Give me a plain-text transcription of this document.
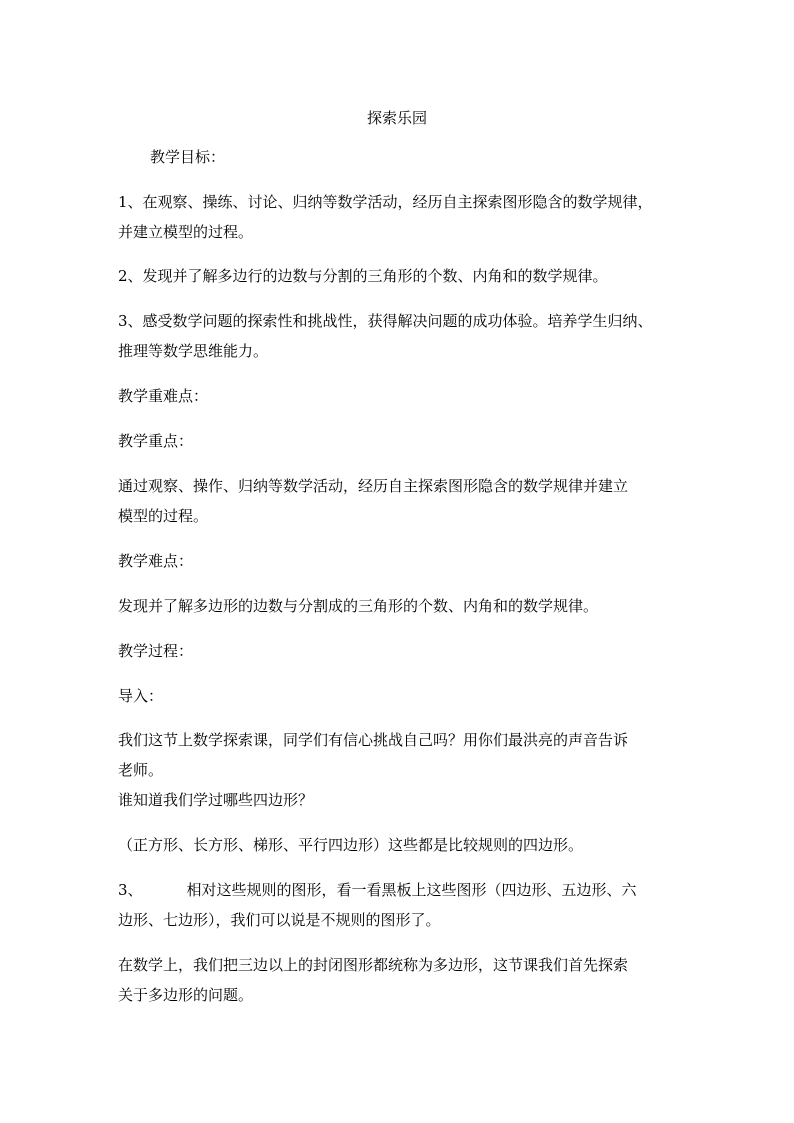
探索乐园
教学目标：
1、在观察、操练、讨论、归纳等数学活动，经历自主探索图形隐含的数学规律，
并建立模型的过程。
2、发现并了解多边行的边数与分割的三角形的个数、内角和的数学规律。
3、感受数学问题的探索性和挑战性，获得解决问题的成功体验。培养学生归纳、
推理等数学思维能力。
教学重难点：
教学重点：
通过观察、操作、归纳等数学活动，经历自主探索图形隐含的数学规律并建立
模型的过程。
教学难点：
发现并了解多边形的边数与分割成的三角形的个数、内角和的数学规律。
教学过程：
导入：
我们这节上数学探索课，同学们有信心挑战自己吗？用你们最洪亮的声音告诉
老师。
谁知道我们学过哪些四边形？
（正方形、长方形、梯形、平行四边形）这些都是比较规则的四边形。
3、	相对这些规则的图形，看一看黑板上这些图形（四边形、五边形、六
边形、七边形），我们可以说是不规则的图形了。
在数学上，我们把三边以上的封闭图形都统称为多边形，这节课我们首先探索
关于多边形的问题。
